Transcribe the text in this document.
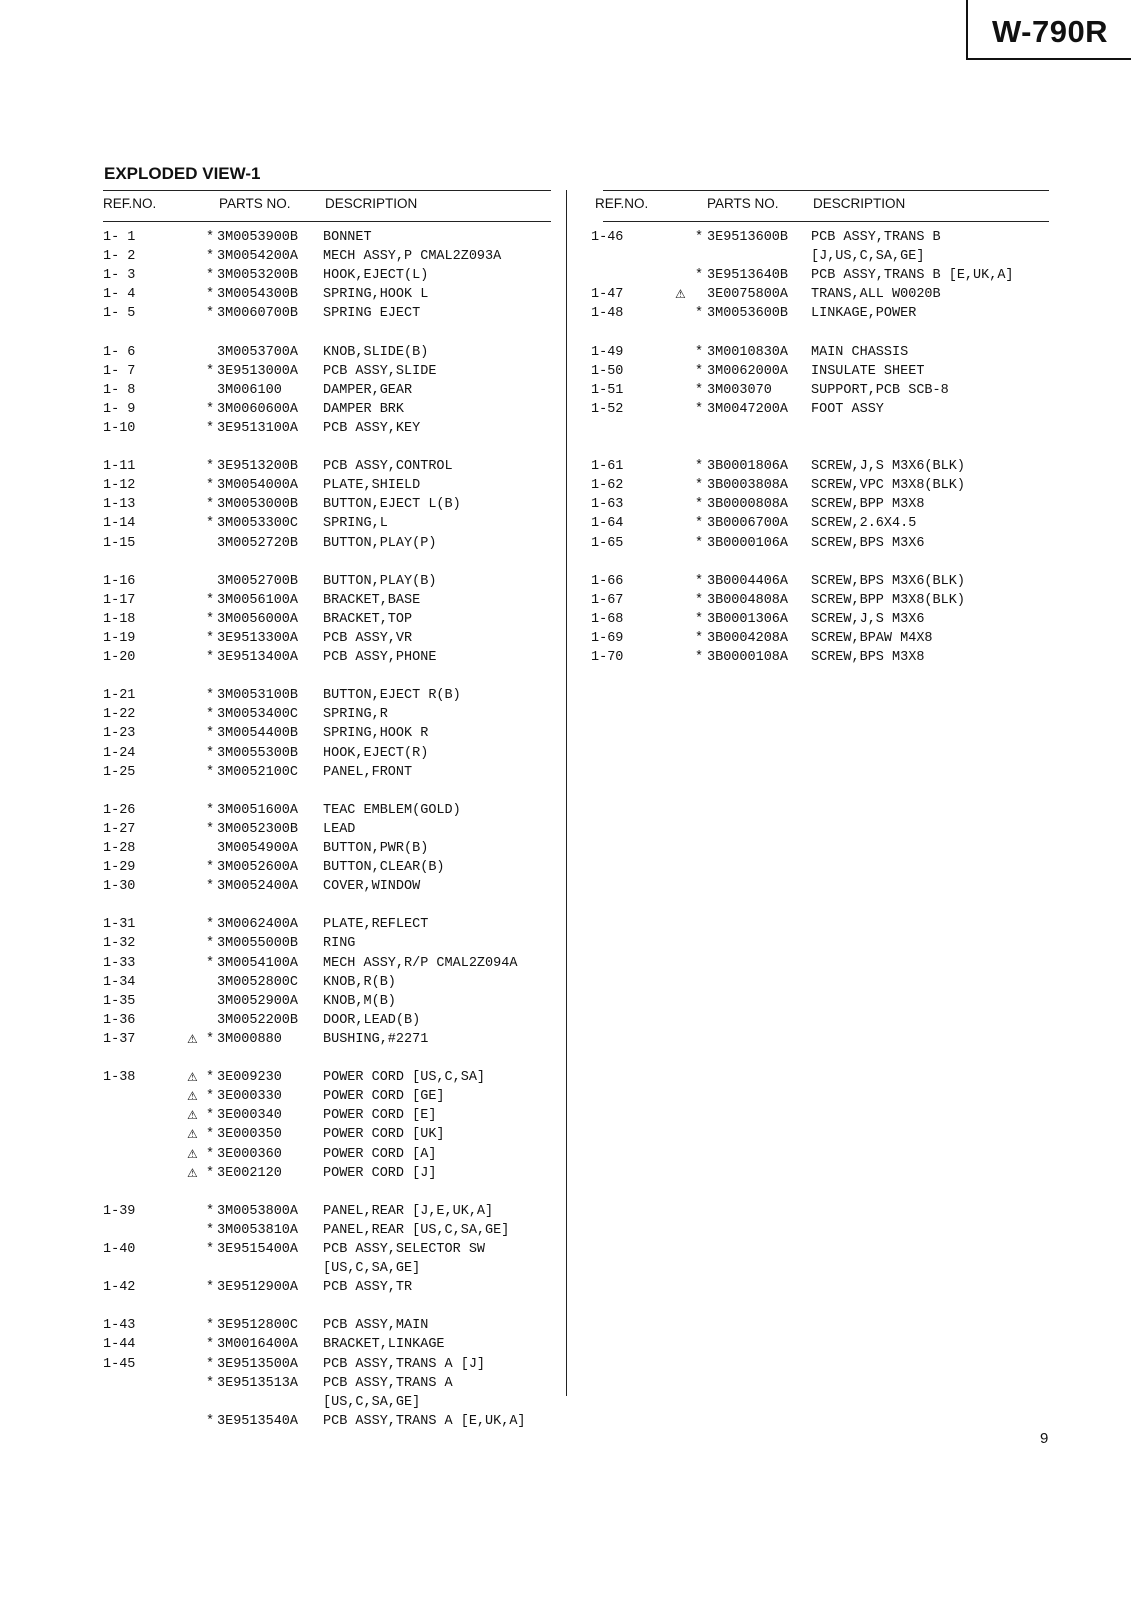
W-790R
EXPLODED VIEW-1
REF.NO.	PARTS NO.	DESCRIPTION
1- 1	* 3M0053900B BONNET
1- 2	* 3M0054200A MECH ASSY,P CMAL2Z093A
1- 3	* 3M0053200B HOOK,EJECT(L)
1- 4	* 3M0054300B SPRING,HOOK L
1- 5	* 3M0060700B SPRING EJECT
1- 6	3M0053700A KNOB,SLIDE(B)
1- 7	* 3E9513000A PCB ASSY,SLIDE
1- 8	3M006100	DAMPER,GEAR
1- 9	* 3M0060600A DAMPER BRK
1-10	* 3E9513100A PCB ASSY,KEY
1-11	* 3E9513200B PCB ASSY,CONTROL
1-12	* 3M0054000A PLATE,SHIELD
1-13	* 3M0053000B BUTTON,EJECT L(B)
1-14	* 3M0053300C SPRING,L
1-15	3M0052720B BUTTON,PLAY(P)
1-16	3M0052700B BUTTON,PLAY(B)
1-17	* 3M0056100A BRACKET,BASE
1-18	* 3M0056000A BRACKET,TOP
1-19	* 3E9513300A PCB ASSY,VR
1-20	* 3E9513400A PCB ASSY,PHONE
1-21	* 3M0053100B BUTTON,EJECT R(B)
1-22	* 3M0053400C SPRING,R
1-23	* 3M0054400B SPRING,HOOK R
1-24	* 3M0055300B HOOK,EJECT(R)
1-25	* 3M0052100C PANEL,FRONT
1-26	* 3M0051600A TEAC EMBLEM(GOLD)
1-27	* 3M0052300B LEAD
1-28	3M0054900A BUTTON,PWR(B)
1-29	* 3M0052600A BUTTON,CLEAR(B)
1-30	* 3M0052400A COVER,WINDOW
1-31	* 3M0062400A PLATE,REFLECT
1-32	* 3M0055000B RING
1-33	* 3M0054100A MECH ASSY,R/P CMAL2Z094A
1-34	3M0052800C KNOB,R(B)
1-35	3M0052900A KNOB,M(B)
1-36	3M0052200B DOOR,LEAD(B)
1-37	⚠ * 3M000880	BUSHING,#2271
1-38	⚠ * 3E009230	POWER CORD [US,C,SA]
⚠ * 3E000330	POWER CORD [GE]
⚠ * 3E000340	POWER CORD [E]
⚠ * 3E000350	POWER CORD [UK]
⚠ * 3E000360	POWER CORD [A]
⚠ * 3E002120	POWER CORD [J]
1-39	* 3M0053800A PANEL,REAR [J,E,UK,A]
* 3M0053810A PANEL,REAR [US,C,SA,GE]
1-40	* 3E9515400A PCB ASSY,SELECTOR SW
[US,C,SA,GE]
1-42	* 3E9512900A PCB ASSY,TR
1-43	* 3E9512800C PCB ASSY,MAIN
1-44	* 3M0016400A BRACKET,LINKAGE
1-45	* 3E9513500A PCB ASSY,TRANS A [J]
* 3E9513513A PCB ASSY,TRANS A
[US,C,SA,GE]
* 3E9513540A PCB ASSY,TRANS A [E,UK,A]
REF.NO.	PARTS NO.	DESCRIPTION
1-46	* 3E9513600B PCB ASSY,TRANS B
[J,US,C,SA,GE]
* 3E9513640B PCB ASSY,TRANS B [E,UK,A]
1-47	⚠ 3E0075800A TRANS,ALL W0020B
1-48	* 3M0053600B LINKAGE,POWER
1-49	* 3M0010830A MAIN CHASSIS
1-50	* 3M0062000A INSULATE SHEET
1-51	* 3M003070	SUPPORT,PCB SCB-8
1-52	* 3M0047200A FOOT ASSY
1-61	* 3B0001806A SCREW,J,S M3X6(BLK)
1-62	* 3B0003808A SCREW,VPC M3X8(BLK)
1-63	* 3B0000808A SCREW,BPP M3X8
1-64	* 3B0006700A SCREW,2.6X4.5
1-65	* 3B0000106A SCREW,BPS M3X6
1-66	* 3B0004406A SCREW,BPS M3X6(BLK)
1-67	* 3B0004808A SCREW,BPP M3X8(BLK)
1-68	* 3B0001306A SCREW,J,S M3X6
1-69	* 3B0004208A SCREW,BPAW M4X8
1-70	* 3B0000108A SCREW,BPS M3X8
9
